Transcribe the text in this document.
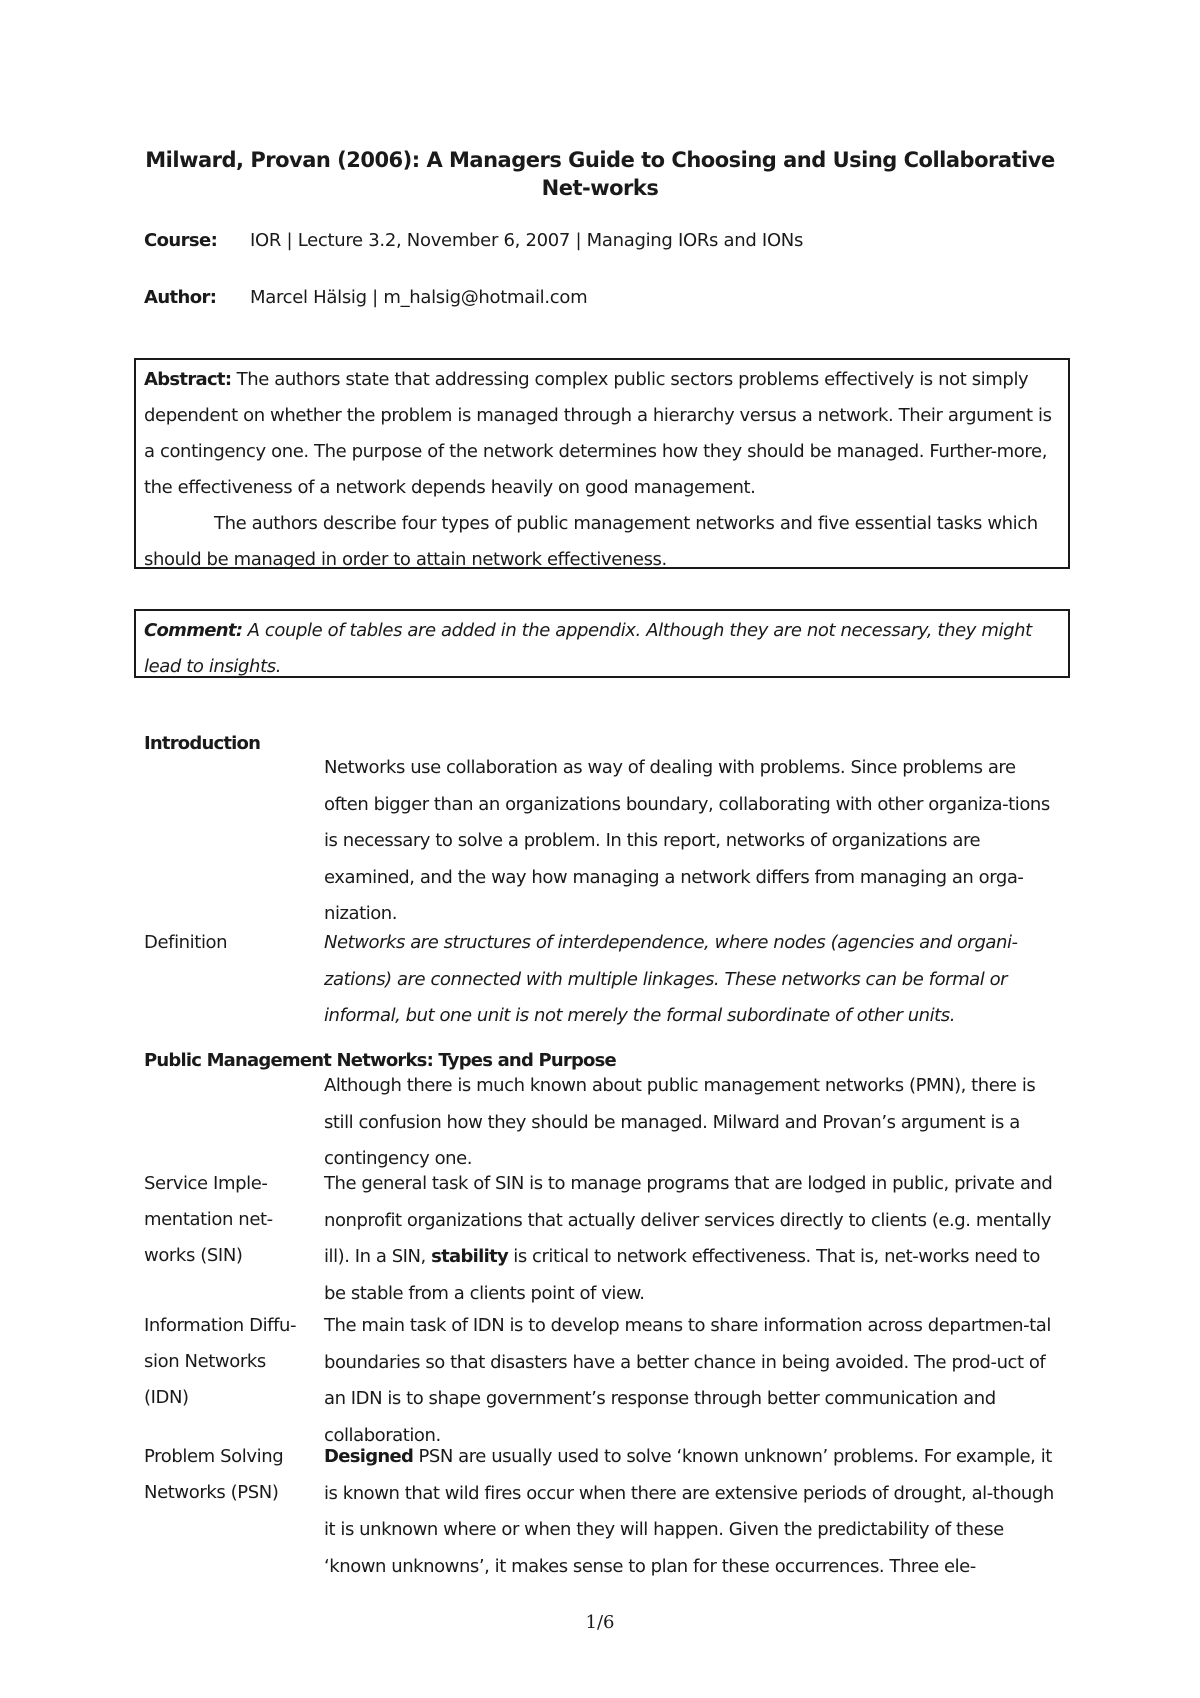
Milward, Provan (2006): A Managers Guide to Choosing and Using Collaborative Net-works
Course: IOR | Lecture 3.2, November 6, 2007 | Managing IORs and IONs
Author: Marcel Hälsig | m_halsig@hotmail.com

Abstract: The authors state that addressing complex public sectors problems effectively is not simply dependent on whether the problem is managed through a hierarchy versus a network. Their argument is a contingency one. The purpose of the network determines how they should be managed. Further-more, the effectiveness of a network depends heavily on good management.

The authors describe four types of public management networks and five essential tasks which should be managed in order to attain network effectiveness.

Comment: A couple of tables are added in the appendix. Although they are not necessary, they might lead to insights.

Introduction
Networks use collaboration as way of dealing with problems. Since problems are often bigger than an organizations boundary, collaborating with other organiza-tions is necessary to solve a problem. In this report, networks of organizations are examined, and the way how managing a network differs from managing an orga-nization.
Definition	Networks are structures of interdependence, where nodes (agencies and organi-zations) are connected with multiple linkages. These networks can be formal or informal, but one unit is not merely the formal subordinate of other units.
Public Management Networks: Types and Purpose
Although there is much known about public management networks (PMN), there is still confusion how they should be managed. Milward and Provan’s argument is a contingency one.
Service Imple-mentation net-works (SIN)
The general task of SIN is to manage programs that are lodged in public, private and nonprofit organizations that actually deliver services directly to clients (e.g. mentally ill). In a SIN, stability is critical to network effectiveness. That is, net-works need to be stable from a clients point of view.
Information Diffu-sion Networks (IDN)
The main task of IDN is to develop means to share information across departmen-tal boundaries so that disasters have a better chance in being avoided. The prod-uct of an IDN is to shape government’s response through better communication and collaboration.
Problem Solving Networks (PSN)
Designed PSN are usually used to solve ‘known unknown’ problems. For example, it is known that wild fires occur when there are extensive periods of drought, al-though it is unknown where or when they will happen. Given the predictability of these ‘known unknowns’, it makes sense to plan for these occurrences. Three ele-
1/6
